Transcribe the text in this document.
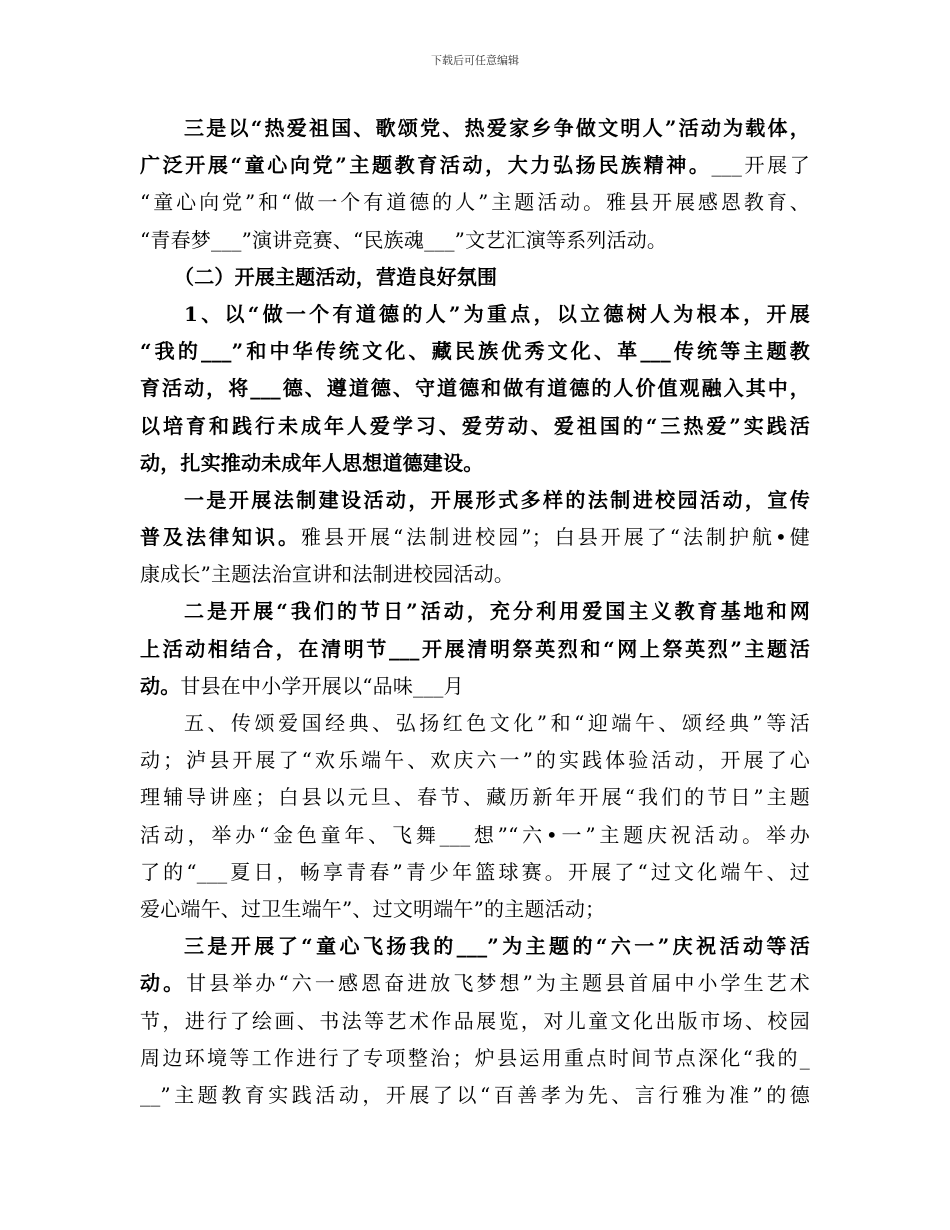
下载后可任意编辑
三是以“热爱祖国、歌颂党、热爱家乡争做文明人”活动为载体，
广泛开展“童心向党”主题教育活动，大力弘扬民族精神。___开展了
“童心向党”和“做一个有道德的人”主题活动。雅县开展感恩教育、
“青春梦___”演讲竞赛、“民族魂___”文艺汇演等系列活动。
（二）开展主题活动，营造良好氛围
1、以“做一个有道德的人”为重点，以立德树人为根本，开展
“我的___”和中华传统文化、藏民族优秀文化、革___传统等主题教
育活动，将___德、遵道德、守道德和做有道德的人价值观融入其中，
以培育和践行未成年人爱学习、爱劳动、爱祖国的“三热爱”实践活
动，扎实推动未成年人思想道德建设。
一是开展法制建设活动，开展形式多样的法制进校园活动，宣传
普及法律知识。雅县开展“法制进校园”；白县开展了“法制护航•健
康成长”主题法治宣讲和法制进校园活动。
二是开展“我们的节日”活动，充分利用爱国主义教育基地和网
上活动相结合，在清明节___开展清明祭英烈和“网上祭英烈”主题活
动。甘县在中小学开展以“品味___月
五、传颂爱国经典、弘扬红色文化”和“迎端午、颂经典”等活
动；泸县开展了“欢乐端午、欢庆六一”的实践体验活动，开展了心
理辅导讲座；白县以元旦、春节、藏历新年开展“我们的节日”主题
活动，举办“金色童年、飞舞___想”“六•一”主题庆祝活动。举办
了的“___夏日，畅享青春”青少年篮球赛。开展了“过文化端午、过
爱心端午、过卫生端午”、过文明端午”的主题活动；
三是开展了“童心飞扬我的___”为主题的“六一”庆祝活动等活
动。甘县举办“六一感恩奋进放飞梦想”为主题县首届中小学生艺术
节，进行了绘画、书法等艺术作品展览，对儿童文化出版市场、校园
周边环境等工作进行了专项整治；炉县运用重点时间节点深化“我的_
__”主题教育实践活动，开展了以“百善孝为先、言行雅为准”的德
